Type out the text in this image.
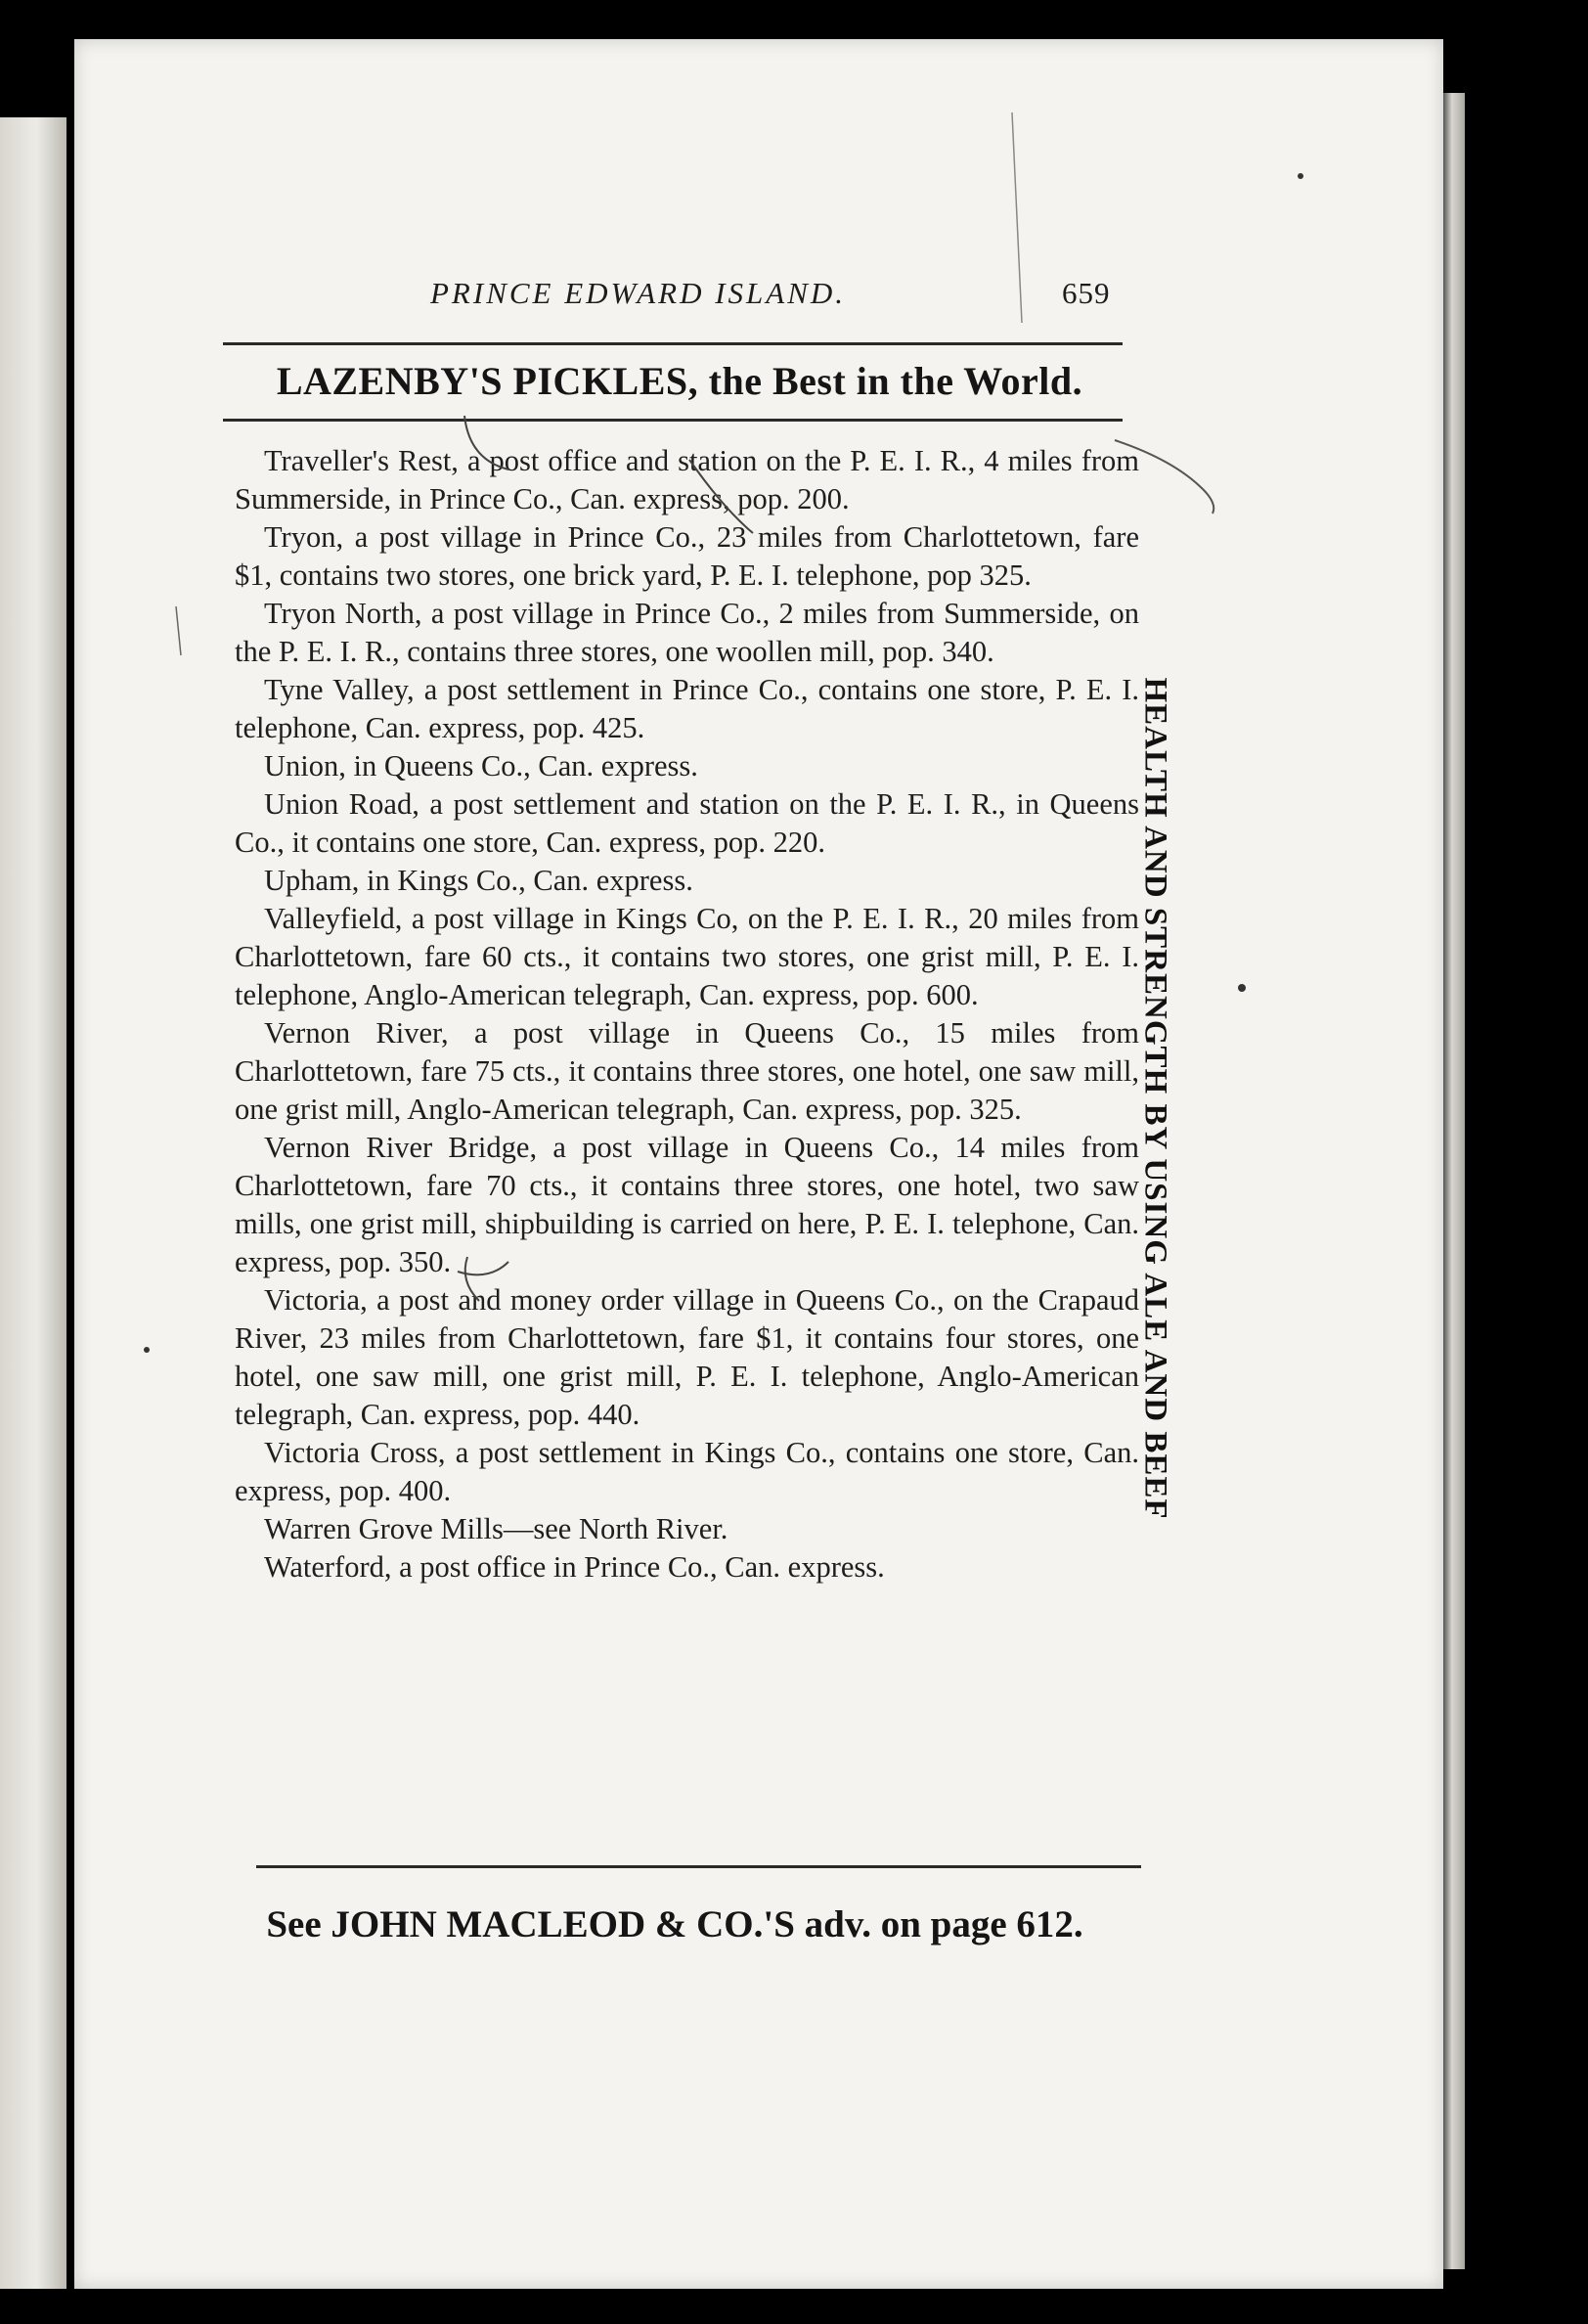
PRINCE EDWARD ISLAND.	659
LAZENBY'S PICKLES, the Best in the World.

Traveller's Rest, a post office and station on the P. E. I. R., 4 miles from Summerside, in Prince Co., Can. express, pop. 200.

Tryon, a post village in Prince Co., 23 miles from Charlottetown, fare $1, contains two stores, one brick yard, P. E. I. telephone, pop 325.

Tryon North, a post village in Prince Co., 2 miles from Summerside, on the P. E. I. R., contains three stores, one woollen mill, pop. 340.

Tyne Valley, a post settlement in Prince Co., contains one store, P. E. I. telephone, Can. express, pop. 425.

Union, in Queens Co., Can. express.

Union Road, a post settlement and station on the P. E. I. R., in Queens Co., it contains one store, Can. express, pop. 220.

Upham, in Kings Co., Can. express.

Valleyfield, a post village in Kings Co, on the P. E. I. R., 20 miles from Charlottetown, fare 60 cts., it contains two stores, one grist mill, P. E. I. telephone, Anglo-American telegraph, Can. express, pop. 600.

Vernon River, a post village in Queens Co., 15 miles from Charlottetown, fare 75 cts., it contains three stores, one hotel, one saw mill, one grist mill, Anglo-American telegraph, Can. express, pop. 325.

Vernon River Bridge, a post village in Queens Co., 14 miles from Charlottetown, fare 70 cts., it contains three stores, one hotel, two saw mills, one grist mill, shipbuilding is carried on here, P. E. I. telephone, Can. express, pop. 350.

Victoria, a post and money order village in Queens Co., on the Crapaud River, 23 miles from Charlottetown, fare $1, it contains four stores, one hotel, one saw mill, one grist mill, P. E. I. telephone, Anglo-American telegraph, Can. express, pop. 440.

Victoria Cross, a post settlement in Kings Co., contains one store, Can. express, pop. 400.

Warren Grove Mills—see North River.

Waterford, a post office in Prince Co., Can. express.

HEALTH AND STRENGTH BY USING ALE AND BEEF
See JOHN MACLEOD & CO.'S adv. on page 612.
